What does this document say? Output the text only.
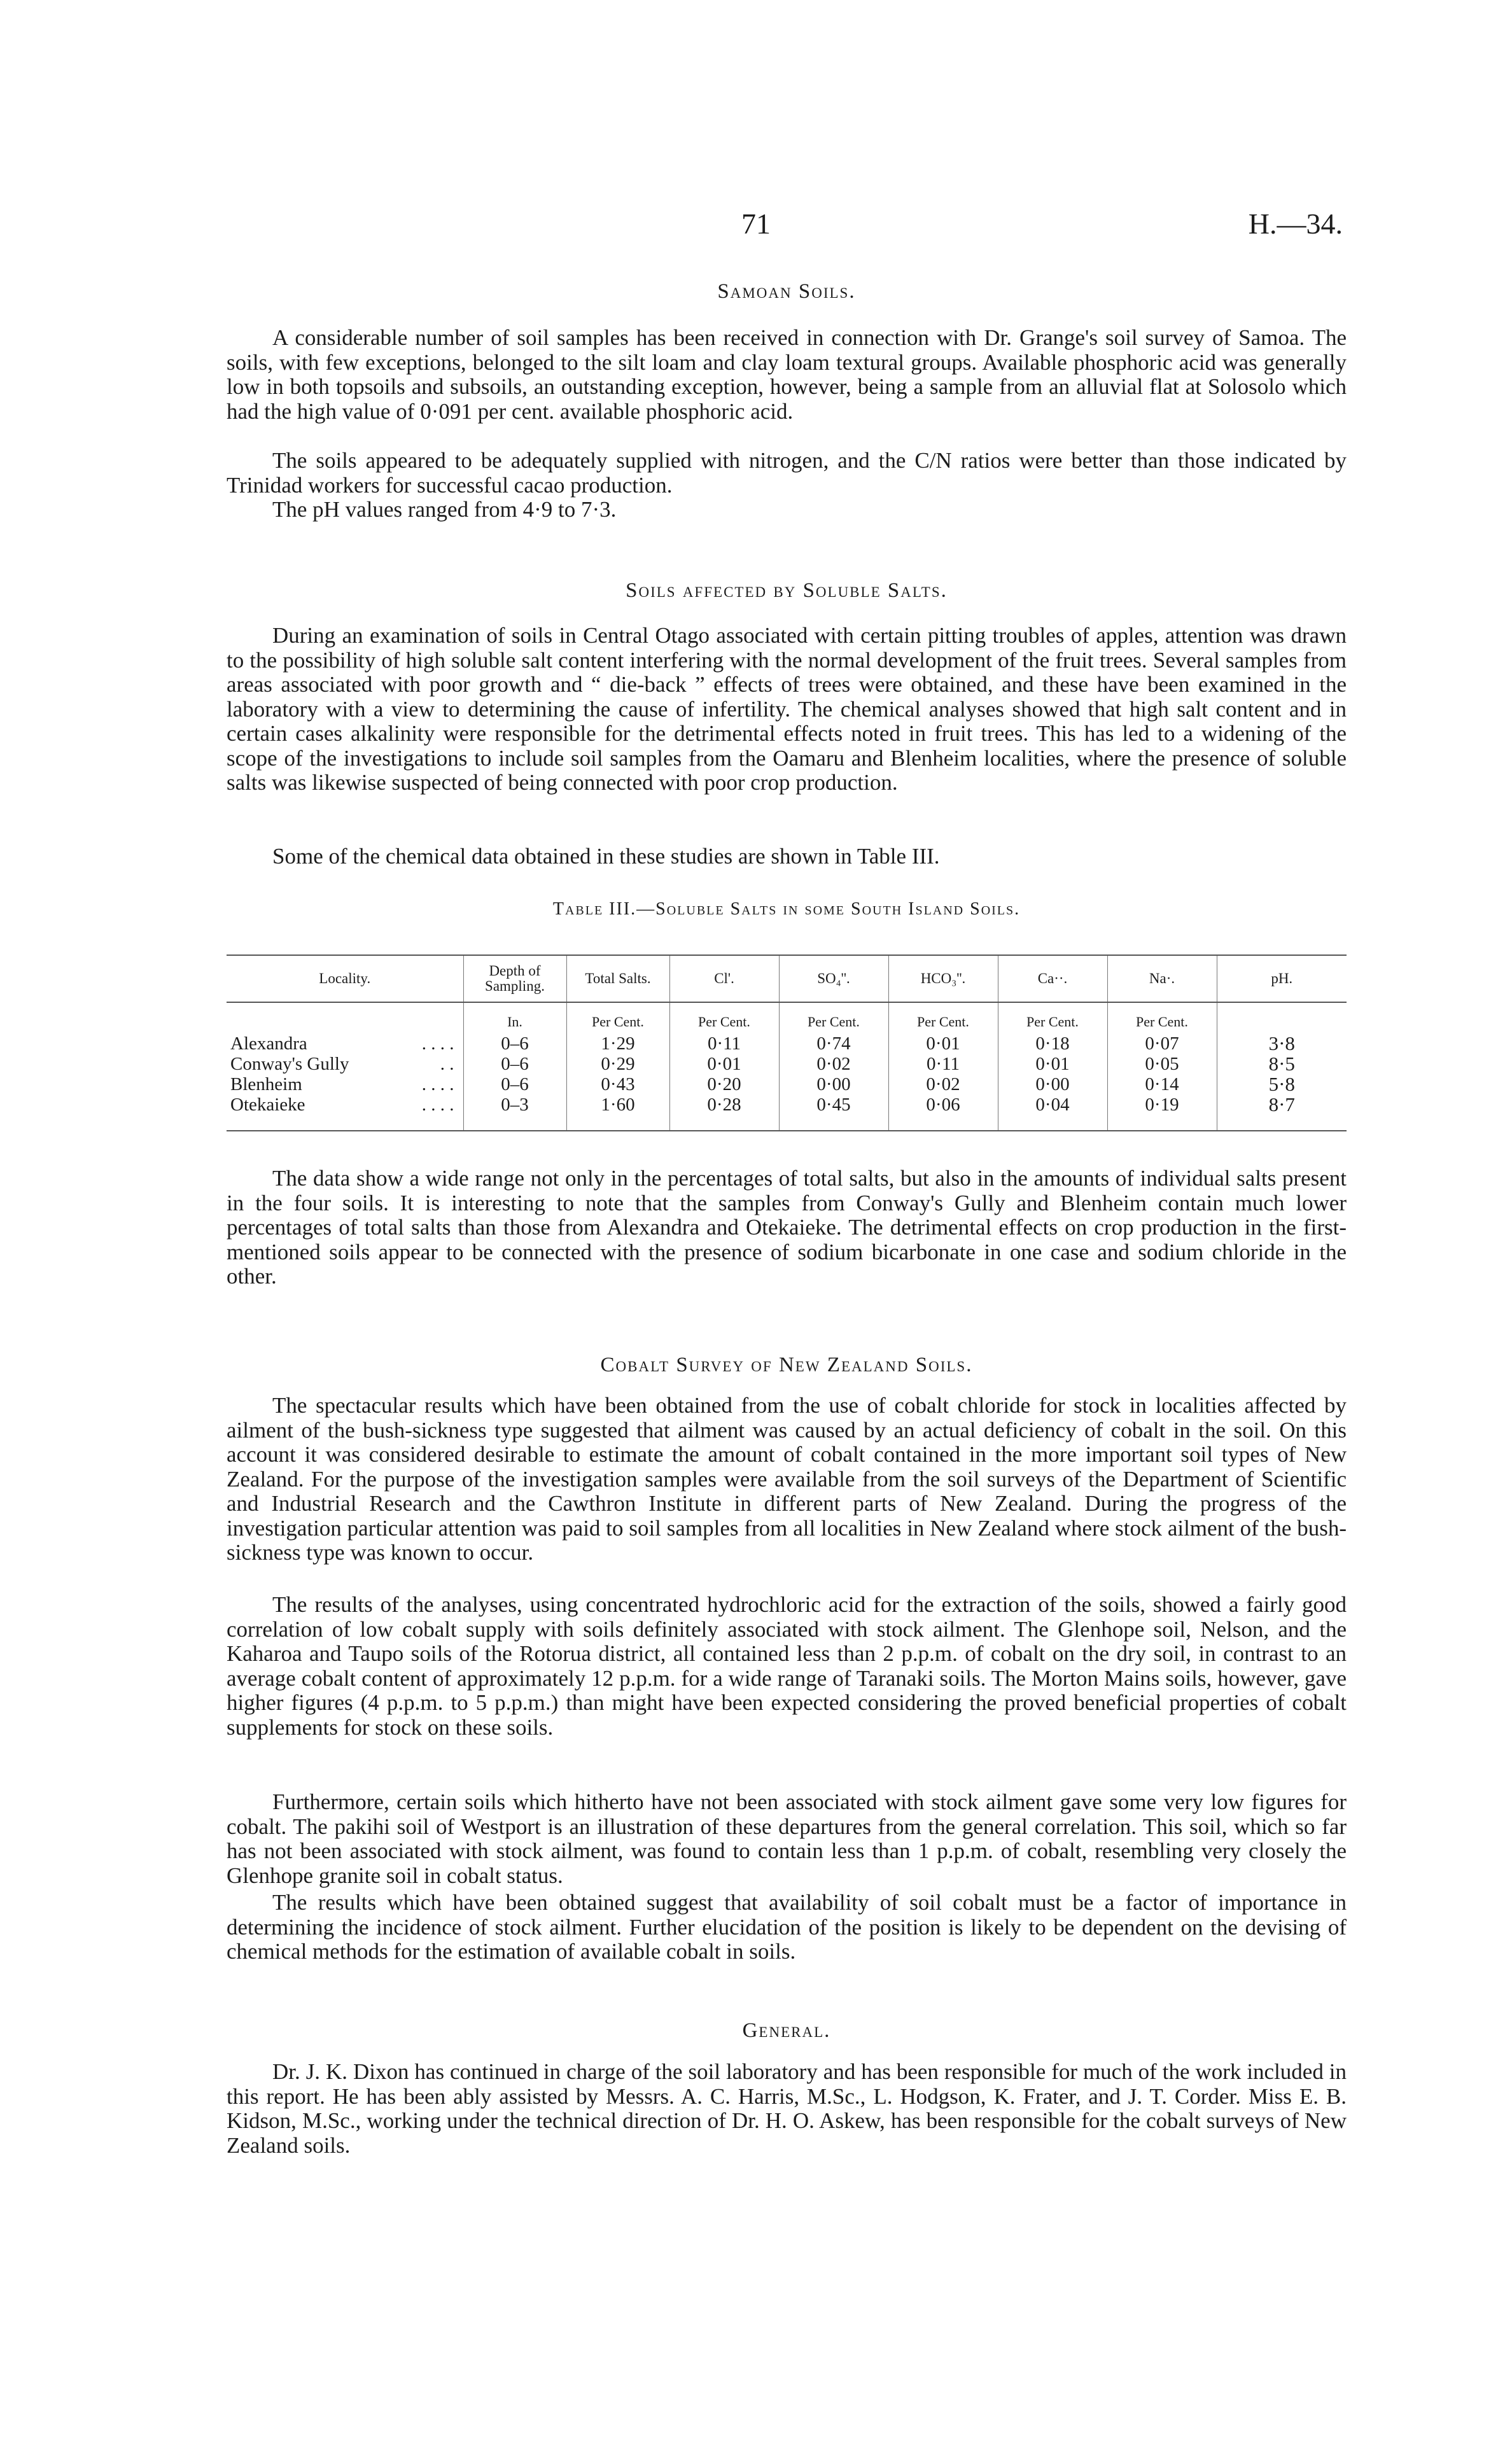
71	H.—34.
Samoan Soils.

A considerable number of soil samples has been received in connection with Dr. Grange's soil survey of Samoa. The soils, with few exceptions, belonged to the silt loam and clay loam textural groups. Available phosphoric acid was generally low in both topsoils and subsoils, an outstanding exception, however, being a sample from an alluvial flat at Solosolo which had the high value of 0·091 per cent. available phosphoric acid.

The soils appeared to be adequately supplied with nitrogen, and the C/N ratios were better than those indicated by Trinidad workers for successful cacao production.

The pH values ranged from 4·9 to 7·3.

Soils affected by Soluble Salts.

During an examination of soils in Central Otago associated with certain pitting troubles of apples, attention was drawn to the possibility of high soluble salt content interfering with the normal development of the fruit trees. Several samples from areas associated with poor growth and “ die-back ” effects of trees were obtained, and these have been examined in the laboratory with a view to determining the cause of infertility. The chemical analyses showed that high salt content and in certain cases alkalinity were responsible for the detrimental effects noted in fruit trees. This has led to a widening of the scope of the investigations to include soil samples from the Oamaru and Blenheim localities, where the presence of soluble salts was likewise suspected of being connected with poor crop production.

Some of the chemical data obtained in these studies are shown in Table III.

Table III.—Soluble Salts in some South Island Soils.
Locality.	Depth of Sampling.	Total Salts.	Cl'.	SO₄''.	HCO₃''.	Ca··.	Na·.	pH.
	In.	Per Cent.	Per Cent.	Per Cent.	Per Cent.	Per Cent.	Per Cent.	
Alexandra . . . .	0–6	1·29	0·11	0·74	0·01	0·18	0·07	3·8
Conway's Gully . .	0–6	0·29	0·01	0·02	0·11	0·01	0·05	8·5
Blenheim . . . .	0–6	0·43	0·20	0·00	0·02	0·00	0·14	5·8
Otekaieke . . . .	0–3	1·60	0·28	0·45	0·06	0·04	0·19	8·7

The data show a wide range not only in the percentages of total salts, but also in the amounts of individual salts present in the four soils. It is interesting to note that the samples from Conway's Gully and Blenheim contain much lower percentages of total salts than those from Alexandra and Otekaieke. The detrimental effects on crop production in the first-mentioned soils appear to be connected with the presence of sodium bicarbonate in one case and sodium chloride in the other.

Cobalt Survey of New Zealand Soils.

The spectacular results which have been obtained from the use of cobalt chloride for stock in localities affected by ailment of the bush-sickness type suggested that ailment was caused by an actual deficiency of cobalt in the soil. On this account it was considered desirable to estimate the amount of cobalt contained in the more important soil types of New Zealand. For the purpose of the investigation samples were available from the soil surveys of the Department of Scientific and Industrial Research and the Cawthron Institute in different parts of New Zealand. During the progress of the investigation particular attention was paid to soil samples from all localities in New Zealand where stock ailment of the bush-sickness type was known to occur.

The results of the analyses, using concentrated hydrochloric acid for the extraction of the soils, showed a fairly good correlation of low cobalt supply with soils definitely associated with stock ailment. The Glenhope soil, Nelson, and the Kaharoa and Taupo soils of the Rotorua district, all contained less than 2 p.p.m. of cobalt on the dry soil, in contrast to an average cobalt content of approximately 12 p.p.m. for a wide range of Taranaki soils. The Morton Mains soils, however, gave higher figures (4 p.p.m. to 5 p.p.m.) than might have been expected considering the proved beneficial properties of cobalt supplements for stock on these soils.

Furthermore, certain soils which hitherto have not been associated with stock ailment gave some very low figures for cobalt. The pakihi soil of Westport is an illustration of these departures from the general correlation. This soil, which so far has not been associated with stock ailment, was found to contain less than 1 p.p.m. of cobalt, resembling very closely the Glenhope granite soil in cobalt status.

The results which have been obtained suggest that availability of soil cobalt must be a factor of importance in determining the incidence of stock ailment. Further elucidation of the position is likely to be dependent on the devising of chemical methods for the estimation of available cobalt in soils.

General.

Dr. J. K. Dixon has continued in charge of the soil laboratory and has been responsible for much of the work included in this report. He has been ably assisted by Messrs. A. C. Harris, M.Sc., L. Hodgson, K. Frater, and J. T. Corder. Miss E. B. Kidson, M.Sc., working under the technical direction of Dr. H. O. Askew, has been responsible for the cobalt surveys of New Zealand soils.
